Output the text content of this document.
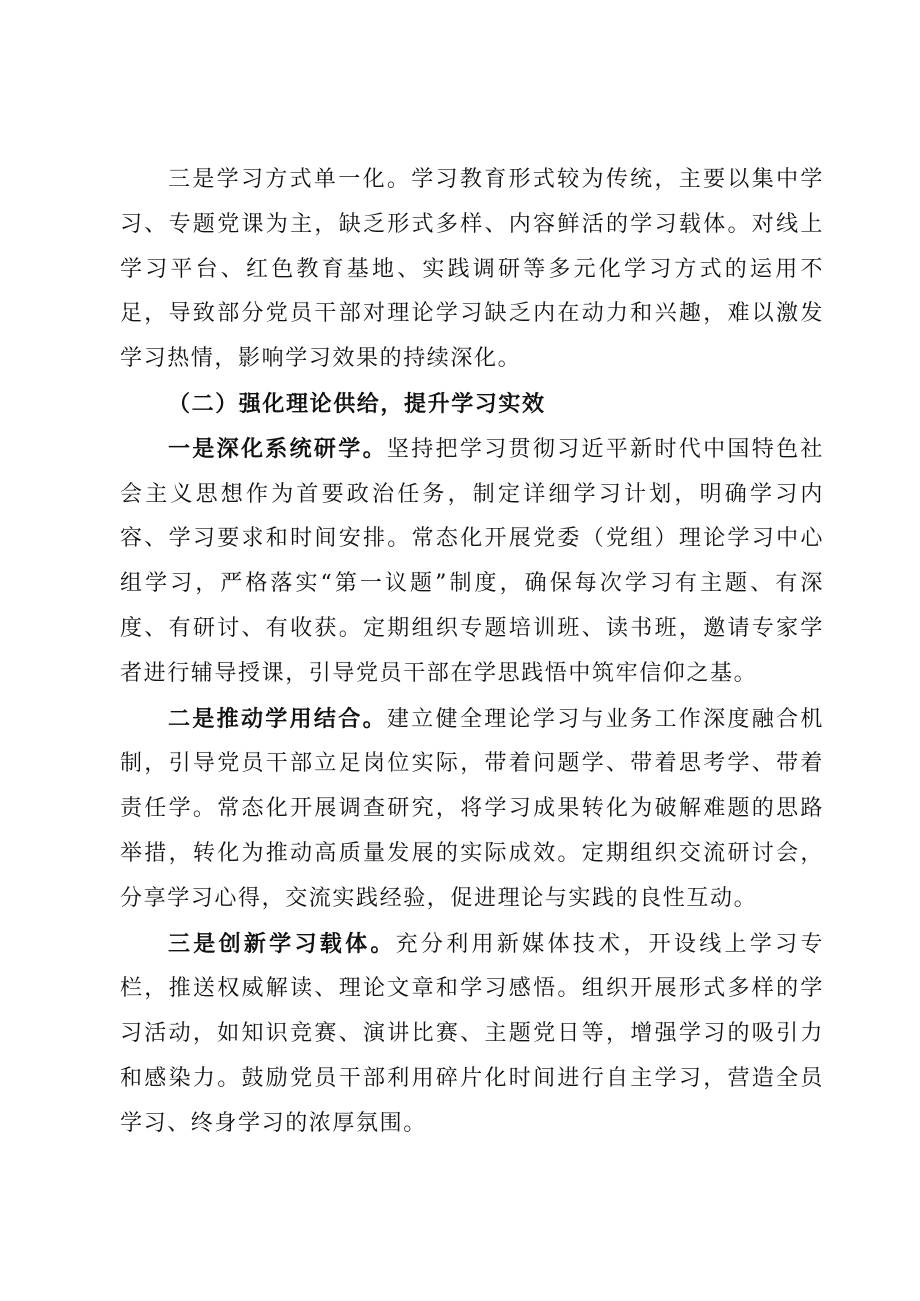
三是学习方式单一化。学习教育形式较为传统，主要以集中学习、专题党课为主，缺乏形式多样、内容鲜活的学习载体。对线上学习平台、红色教育基地、实践调研等多元化学习方式的运用不足，导致部分党员干部对理论学习缺乏内在动力和兴趣，难以激发学习热情，影响学习效果的持续深化。

（二）强化理论供给，提升学习实效

一是深化系统研学。坚持把学习贯彻习近平新时代中国特色社会主义思想作为首要政治任务，制定详细学习计划，明确学习内容、学习要求和时间安排。常态化开展党委（党组）理论学习中心组学习，严格落实“第一议题”制度，确保每次学习有主题、有深度、有研讨、有收获。定期组织专题培训班、读书班，邀请专家学者进行辅导授课，引导党员干部在学思践悟中筑牢信仰之基。

二是推动学用结合。建立健全理论学习与业务工作深度融合机制，引导党员干部立足岗位实际，带着问题学、带着思考学、带着责任学。常态化开展调查研究，将学习成果转化为破解难题的思路举措，转化为推动高质量发展的实际成效。定期组织交流研讨会，分享学习心得，交流实践经验，促进理论与实践的良性互动。

三是创新学习载体。充分利用新媒体技术，开设线上学习专栏，推送权威解读、理论文章和学习感悟。组织开展形式多样的学习活动，如知识竞赛、演讲比赛、主题党日等，增强学习的吸引力和感染力。鼓励党员干部利用碎片化时间进行自主学习，营造全员学习、终身学习的浓厚氛围。
